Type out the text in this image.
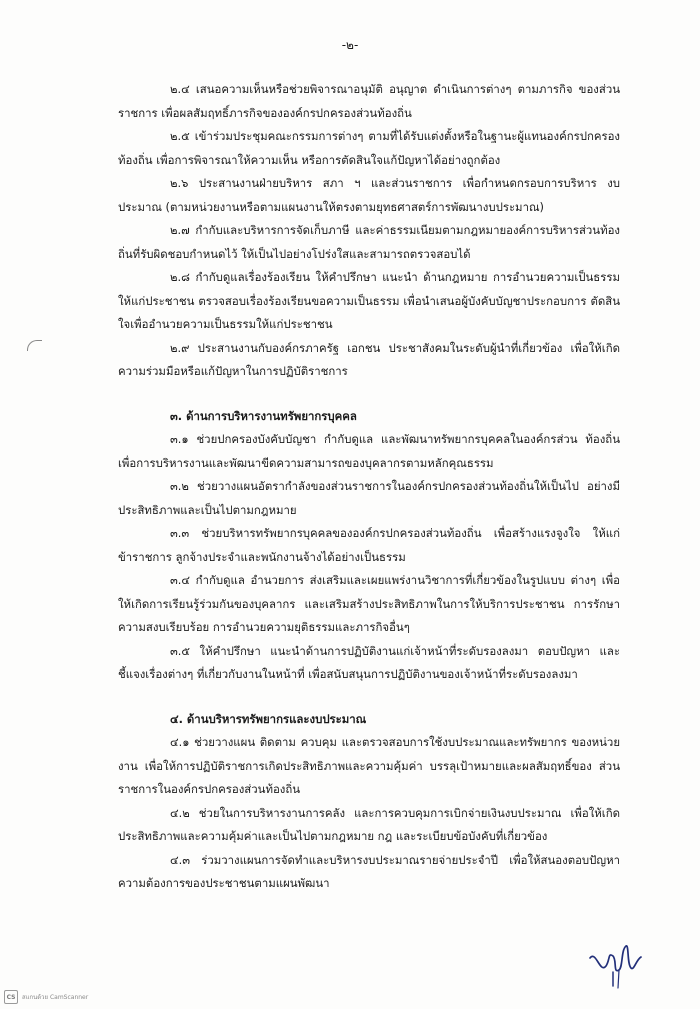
-๒-

๒.๔ เสนอความเห็นหรือช่วยพิจารณาอนุมัติ อนุญาต ดำเนินการต่างๆ ตามภารกิจ ของส่วนราชการ เพื่อผลสัมฤทธิ์ภารกิจขององค์กรปกครองส่วนท้องถิ่น

๒.๕ เข้าร่วมประชุมคณะกรรมการต่างๆ ตามที่ได้รับแต่งตั้งหรือในฐานะผู้แทนองค์กรปกครองท้องถิ่น เพื่อการพิจารณาให้ความเห็น หรือการตัดสินใจแก้ปัญหาได้อย่างถูกต้อง

๒.๖ ประสานงานฝ่ายบริหาร สภา ฯ และส่วนราชการ เพื่อกำหนดกรอบการบริหาร งบประมาณ (ตามหน่วยงานหรือตามแผนงานให้ตรงตามยุทธศาสตร์การพัฒนางบประมาณ)

๒.๗ กำกับและบริหารการจัดเก็บภาษี และค่าธรรมเนียมตามกฎหมายองค์การบริหารส่วนท้องถิ่นที่รับผิดชอบกำหนดไว้ ให้เป็นไปอย่างโปร่งใสและสามารถตรวจสอบได้

๒.๘ กำกับดูแลเรื่องร้องเรียน ให้คำปรึกษา แนะนำ ด้านกฎหมาย การอำนวยความเป็นธรรมให้แก่ประชาชน ตรวจสอบเรื่องร้องเรียนขอความเป็นธรรม เพื่อนำเสนอผู้บังคับบัญชาประกอบการ ตัดสินใจเพื่ออำนวยความเป็นธรรมให้แก่ประชาชน

๒.๙ ประสานงานกับองค์กรภาครัฐ เอกชน ประชาสังคมในระดับผู้นำที่เกี่ยวข้อง เพื่อให้เกิดความร่วมมือหรือแก้ปัญหาในการปฏิบัติราชการ

๓. ด้านการบริหารงานทรัพยากรบุคคล

๓.๑ ช่วยปกครองบังคับบัญชา กำกับดูแล และพัฒนาทรัพยากรบุคคลในองค์กรส่วน ท้องถิ่นเพื่อการบริหารงานและพัฒนาขีดความสามารถของบุคลากรตามหลักคุณธรรม

๓.๒ ช่วยวางแผนอัตรากำลังของส่วนราชการในองค์กรปกครองส่วนท้องถิ่นให้เป็นไป อย่างมีประสิทธิภาพและเป็นไปตามกฎหมาย

๓.๓ ช่วยบริหารทรัพยากรบุคคลขององค์กรปกครองส่วนท้องถิ่น เพื่อสร้างแรงจูงใจ ให้แก่ข้าราชการ ลูกจ้างประจำและพนักงานจ้างได้อย่างเป็นธรรม

๓.๔ กำกับดูแล อำนวยการ ส่งเสริมและเผยแพร่งานวิชาการที่เกี่ยวข้องในรูปแบบ ต่างๆ เพื่อให้เกิดการเรียนรู้ร่วมกันของบุคลากร และเสริมสร้างประสิทธิภาพในการให้บริการประชาชน การรักษาความสงบเรียบร้อย การอำนวยความยุติธรรมและภารกิจอื่นๆ

๓.๕ ให้คำปรึกษา แนะนำด้านการปฏิบัติงานแก่เจ้าหน้าที่ระดับรองลงมา ตอบปัญหา และชี้แจงเรื่องต่างๆ ที่เกี่ยวกับงานในหน้าที่ เพื่อสนับสนุนการปฏิบัติงานของเจ้าหน้าที่ระดับรองลงมา

๔. ด้านบริหารทรัพยากรและงบประมาณ

๔.๑ ช่วยวางแผน ติดตาม ควบคุม และตรวจสอบการใช้งบประมาณและทรัพยากร ของหน่วยงาน เพื่อให้การปฏิบัติราชการเกิดประสิทธิภาพและความคุ้มค่า บรรลุเป้าหมายและผลสัมฤทธิ์ของ ส่วนราชการในองค์กรปกครองส่วนท้องถิ่น

๔.๒ ช่วยในการบริหารงานการคลัง และการควบคุมการเบิกจ่ายเงินงบประมาณ เพื่อให้เกิดประสิทธิภาพและความคุ้มค่าและเป็นไปตามกฎหมาย กฎ และระเบียบข้อบังคับที่เกี่ยวข้อง

๔.๓ ร่วมวางแผนการจัดทำและบริหารงบประมาณรายจ่ายประจำปี เพื่อให้สนองตอบปัญหาความต้องการของประชาชนตามแผนพัฒนา

CS	สแกนด้วย CamScanner
